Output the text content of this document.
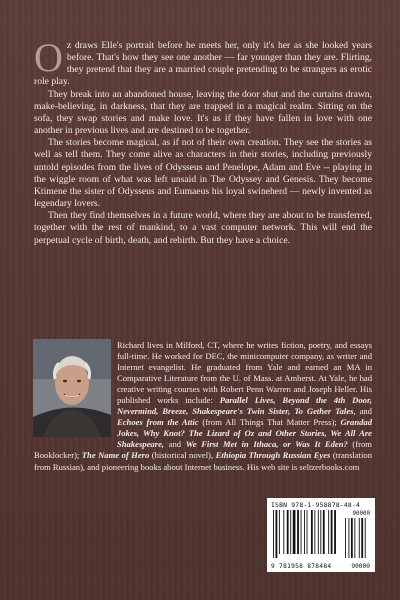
Oz draws Elle's portrait before he meets her, only it's her as she looked years before. That's how they see one another — far younger than they are. Flirting, they pretend that they are a married couple pretending to be strangers as erotic role play.

They break into an abandoned house, leaving the door shut and the curtains drawn, make-believing, in darkness, that they are trapped in a magical realm. Sitting on the sofa, they swap stories and make love. It's as if they have fallen in love with one another in previous lives and are destined to be together.

The stories become magical, as if not of their own creation. They see the stories as well as tell them. They come alive as characters in their stories, including previously untold episodes from the lives of Odysseus and Penelope, Adam and Eve -- playing in the wiggle room of what was left unsaid in The Odyssey and Genesis. They become Ktimene the sister of Odysseus and Eumaeus his loyal swineherd — newly invented as legendary lovers.

Then they find themselves in a future world, where they are about to be transferred, together with the rest of mankind, to a vast computer network. This will end the perpetual cycle of birth, death, and rebirth. But they have a choice.

Richard lives in Milford, CT, where he writes fiction, poetry, and essays full-time. He worked for DEC, the minicomputer company, as writer and Internet evangelist. He graduated from Yale and earned an MA in Comparative Literature from the U. of Mass. at Amherst. At Yale, he had creative writing courses with Robert Penn Warren and Joseph Heller. His published works include: Parallel Lives, Beyond the 4th Door, Nevermind, Breeze, Shakespeare's Twin Sister, To Gether Tales, and Echoes from the Attic (from All Things That Matter Press); Grandad Jokes, Why Knot? The Lizard of Oz and Other Stories, We All Are Shakespeare, and We First Met in Ithaca, or Was It Eden? (from Booklocker); The Name of Hero (historical novel), Ethiopia Through Russian Eyes (translation from Russian), and pioneering books about Internet business. His web site is seltzerbooks.com
ISBN 978-1-958878-48-4
90000
9 781958 878484	90000
